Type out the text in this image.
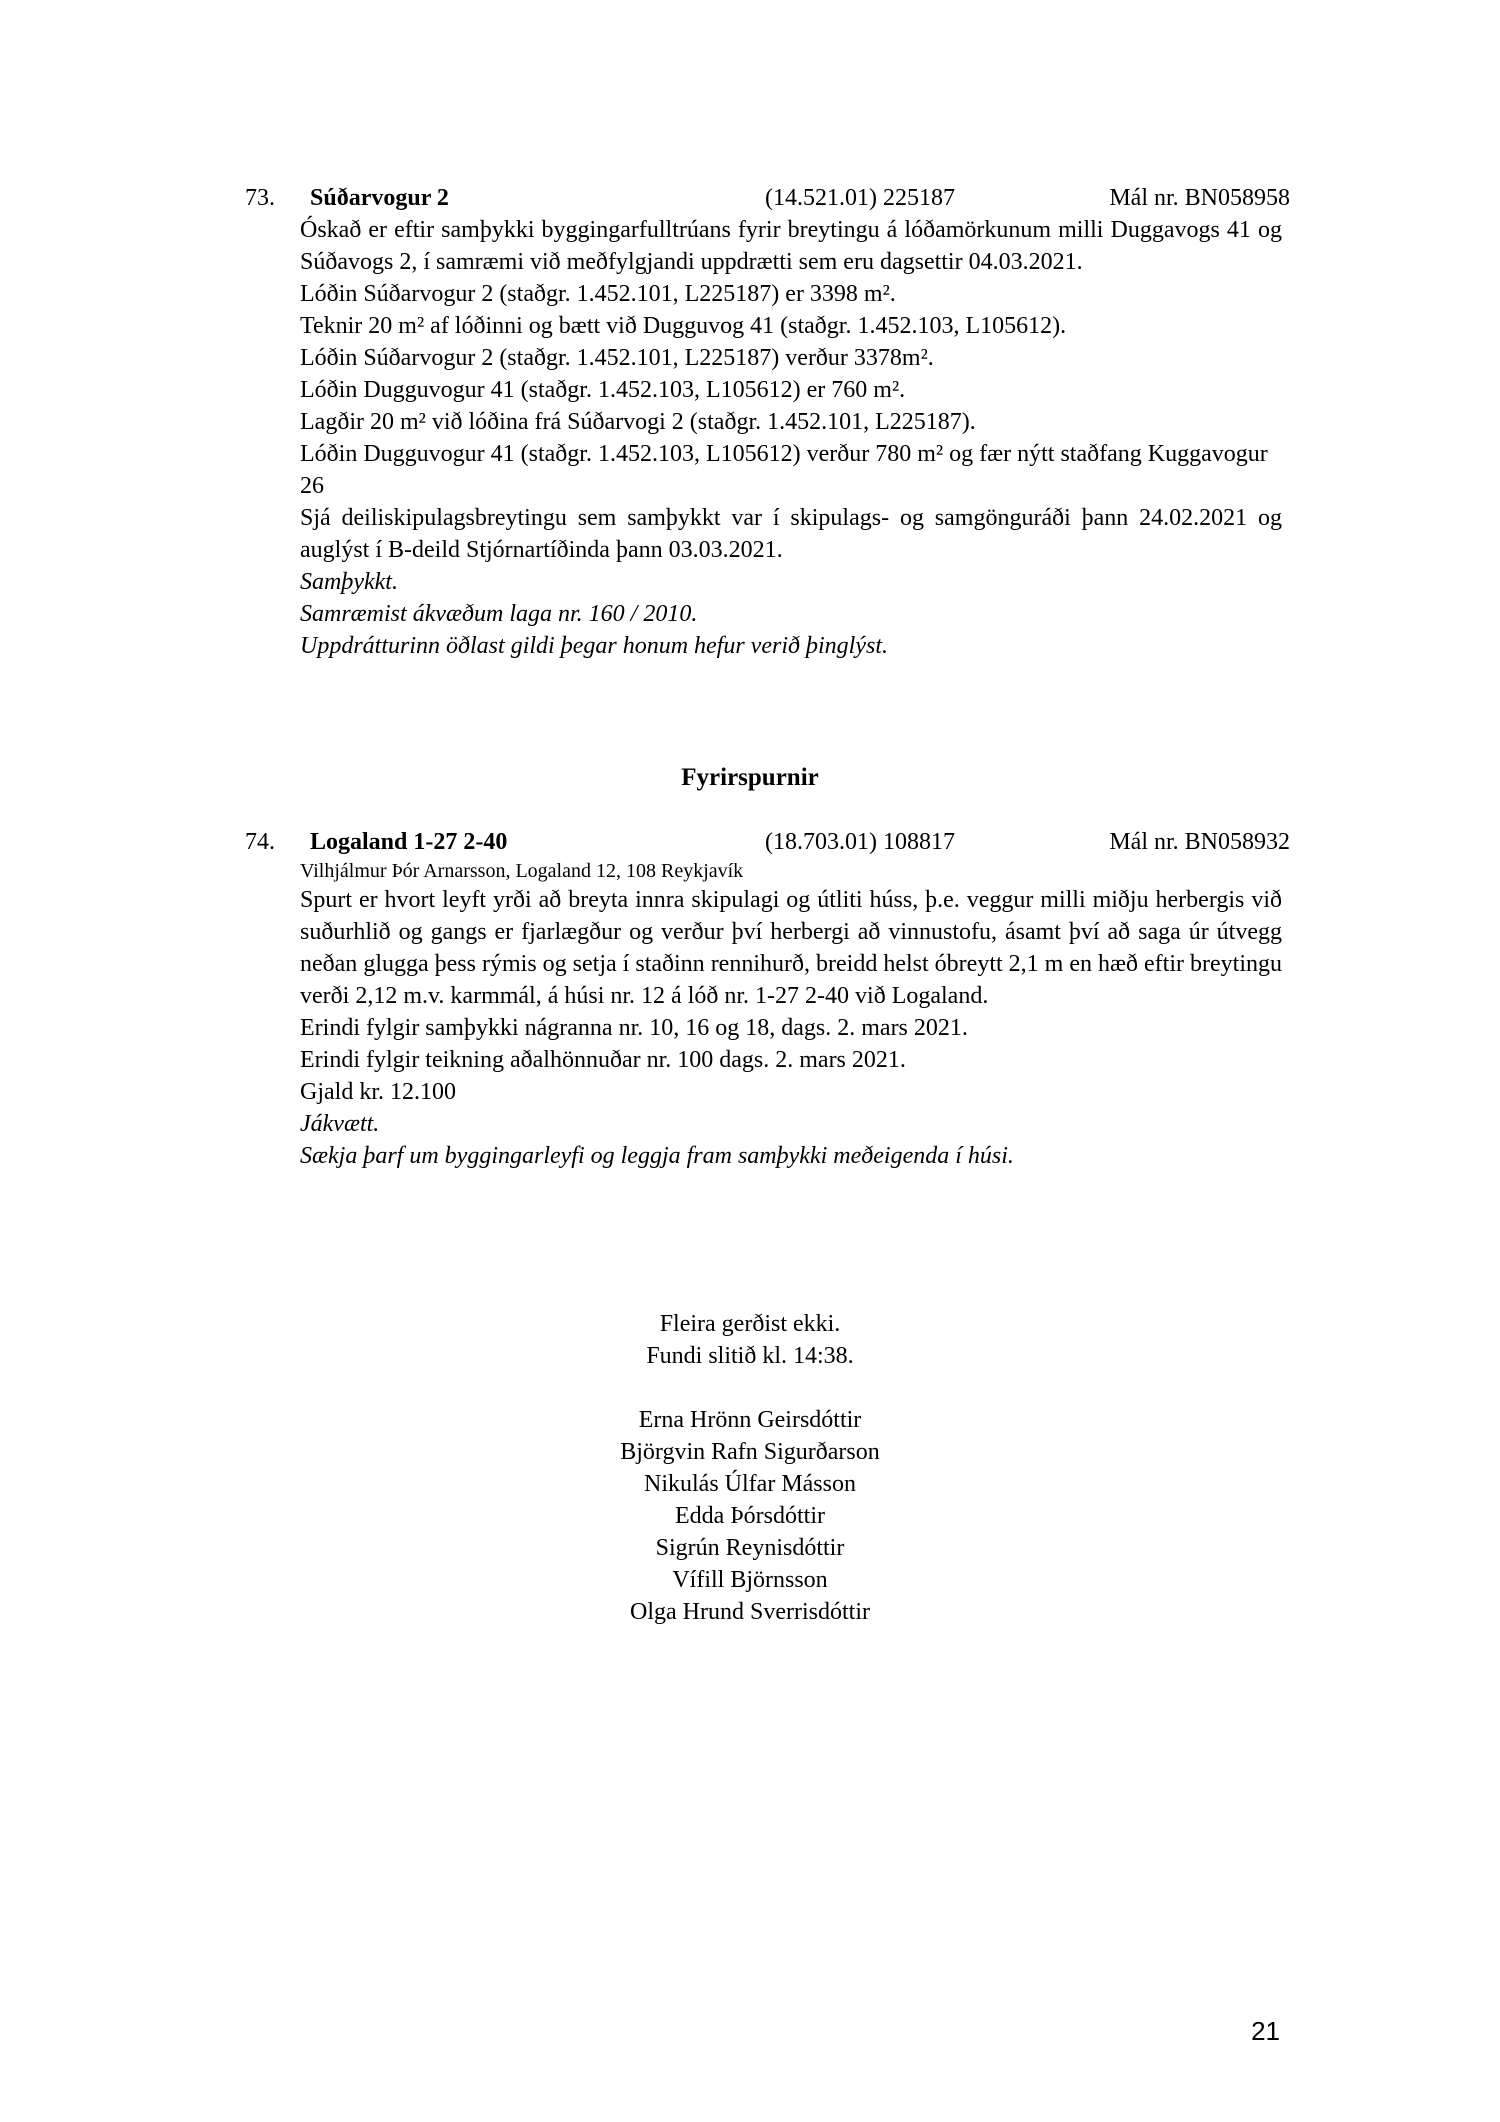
73. Súðarvogur 2	(14.521.01) 225187	Mál nr. BN058958

Óskað er eftir samþykki byggingarfulltrúans fyrir breytingu á lóðamörkunum milli Duggavogs 41 og Súðavogs 2, í samræmi við meðfylgjandi uppdrætti sem eru dagsettir 04.03.2021.

Lóðin Súðarvogur 2 (staðgr. 1.452.101, L225187) er 3398 m².

Teknir 20 m² af lóðinni og bætt við Dugguvog 41 (staðgr. 1.452.103, L105612).

Lóðin Súðarvogur 2 (staðgr. 1.452.101, L225187) verður 3378m².

Lóðin Dugguvogur 41 (staðgr. 1.452.103, L105612) er 760 m².

Lagðir 20 m² við lóðina frá Súðarvogi 2 (staðgr. 1.452.101, L225187).

Lóðin Dugguvogur 41 (staðgr. 1.452.103, L105612) verður 780 m² og fær nýtt staðfang Kuggavogur 26

Sjá deiliskipulagsbreytingu sem samþykkt var í skipulags- og samgönguráði þann 24.02.2021 og auglýst í B-deild Stjórnartíðinda þann 03.03.2021.

Samþykkt.

Samræmist ákvæðum laga nr. 160 / 2010.

Uppdrátturinn öðlast gildi þegar honum hefur verið þinglýst.

Fyrirspurnir
74. Logaland 1-27 2-40	(18.703.01) 108817	Mál nr. BN058932

Vilhjálmur Þór Arnarsson, Logaland 12, 108 Reykjavík

Spurt er hvort leyft yrði að breyta innra skipulagi og útliti húss, þ.e. veggur milli miðju herbergis við suðurhlið og gangs er fjarlægður og verður því herbergi að vinnustofu, ásamt því að saga úr útvegg neðan glugga þess rýmis og setja í staðinn rennihurð, breidd helst óbreytt 2,1 m en hæð eftir breytingu verði 2,12 m.v. karmmál, á húsi nr. 12 á lóð nr. 1-27 2-40 við Logaland.

Erindi fylgir samþykki nágranna nr. 10, 16 og 18, dags. 2. mars 2021.

Erindi fylgir teikning aðalhönnuðar nr. 100 dags. 2. mars 2021.

Gjald kr. 12.100

Jákvætt.

Sækja þarf um byggingarleyfi og leggja fram samþykki meðeigenda í húsi.

Fleira gerðist ekki.

Fundi slitið kl. 14:38.

Erna Hrönn Geirsdóttir

Björgvin Rafn Sigurðarson

Nikulás Úlfar Másson

Edda Þórsdóttir

Sigrún Reynisdóttir

Vífill Björnsson

Olga Hrund Sverrisdóttir

21
